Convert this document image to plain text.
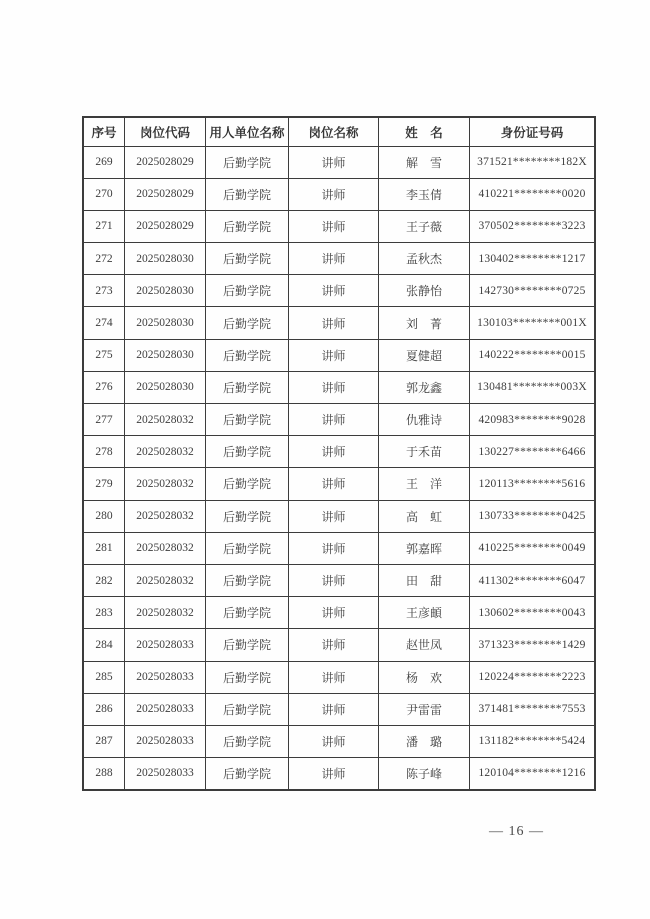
序号	岗位代码	用人单位名称	岗位名称	姓　名	身份证号码
269	2025028029	后勤学院	讲师	解　雪	371521********182X
270	2025028029	后勤学院	讲师	李玉倩	410221********0020
271	2025028029	后勤学院	讲师	王子薇	370502********3223
272	2025028030	后勤学院	讲师	孟秋杰	130402********1217
273	2025028030	后勤学院	讲师	张静怡	142730********0725
274	2025028030	后勤学院	讲师	刘　菁	130103********001X
275	2025028030	后勤学院	讲师	夏健超	140222********0015
276	2025028030	后勤学院	讲师	郭龙鑫	130481********003X
277	2025028032	后勤学院	讲师	仇雅诗	420983********9028
278	2025028032	后勤学院	讲师	于禾苗	130227********6466
279	2025028032	后勤学院	讲师	王　洋	120113********5616
280	2025028032	后勤学院	讲师	高　虹	130733********0425
281	2025028032	后勤学院	讲师	郭嘉晖	410225********0049
282	2025028032	后勤学院	讲师	田　甜	411302********6047
283	2025028032	后勤学院	讲师	王彦頔	130602********0043
284	2025028033	后勤学院	讲师	赵世凤	371323********1429
285	2025028033	后勤学院	讲师	杨　欢	120224********2223
286	2025028033	后勤学院	讲师	尹雷雷	371481********7553
287	2025028033	后勤学院	讲师	潘　璐	131182********5424
288	2025028033	后勤学院	讲师	陈子峰	120104********1216
— 16 —
